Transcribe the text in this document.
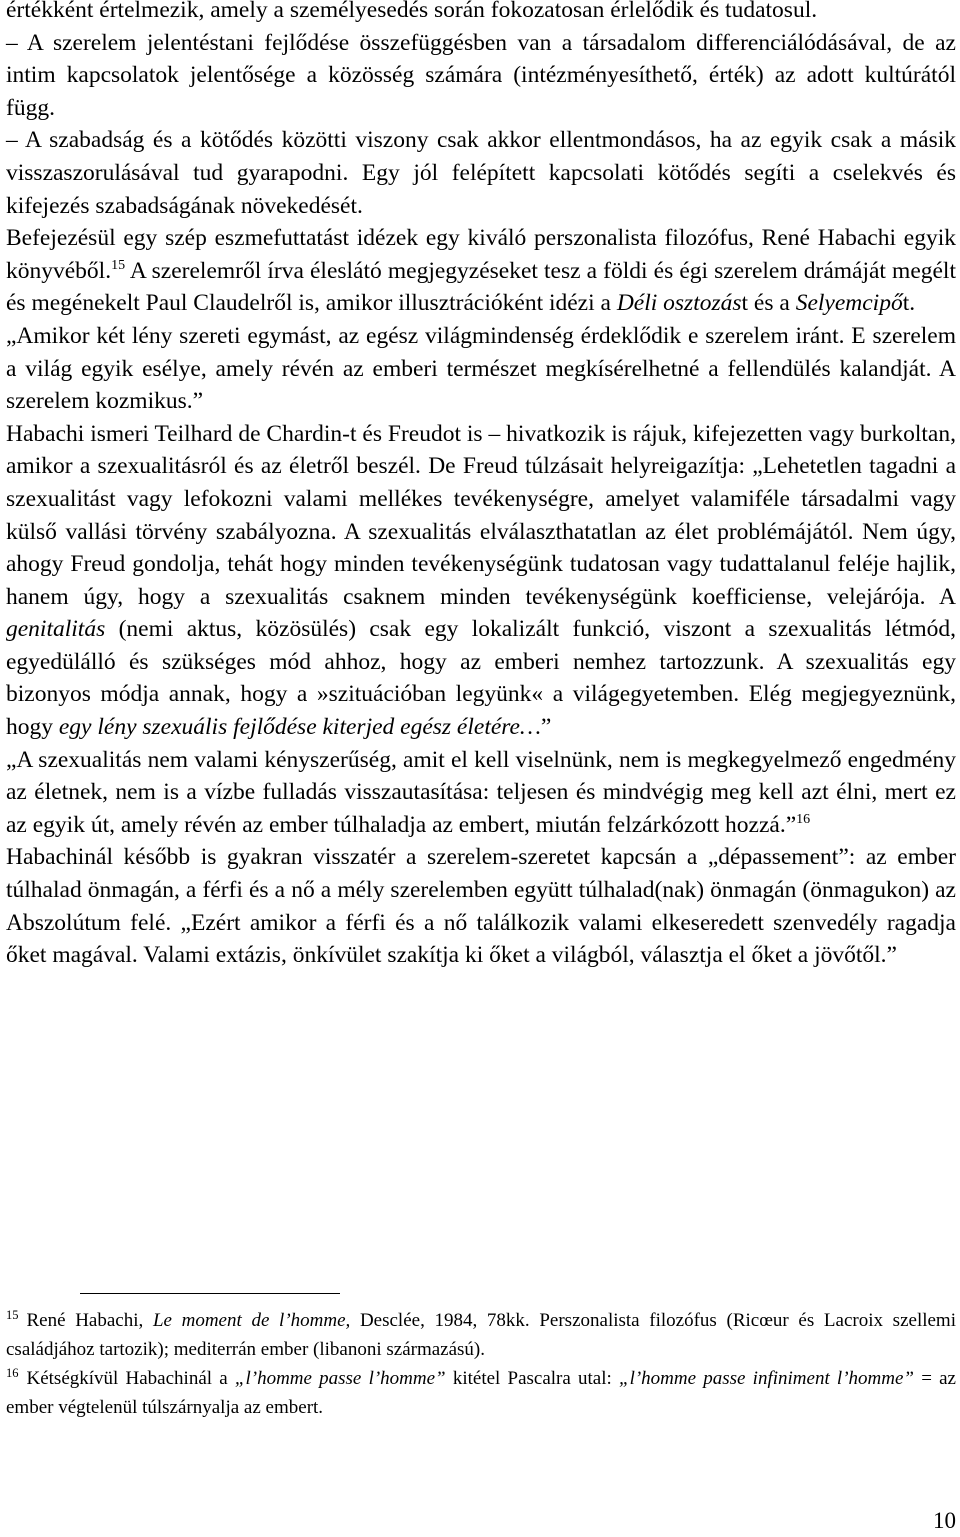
értékként értelmezik, amely a személyesedés során fokozatosan érlelődik és tudatosul.

– A szerelem jelentéstani fejlődése összefüggésben van a társadalom differenciálódásával, de az intim kapcsolatok jelentősége a közösség számára (intézményesíthető, érték) az adott kultúrától függ.

– A szabadság és a kötődés közötti viszony csak akkor ellentmondásos, ha az egyik csak a másik visszaszorulásával tud gyarapodni. Egy jól felépített kapcsolati kötődés segíti a cselekvés és kifejezés szabadságának növekedését.

Befejezésül egy szép eszmefuttatást idézek egy kiváló perszonalista filozófus, René Habachi egyik könyvéből.$^{15}$ A szerelemről írva éleslátó megjegyzéseket tesz a földi és égi szerelem drámáját megélt és megénekelt Paul Claudelről is, amikor illusztrációként idézi a Déli osztozást és a Selyemcipőt.

„Amikor két lény szereti egymást, az egész világmindenség érdeklődik e szerelem iránt. E szerelem a világ egyik esélye, amely révén az emberi természet megkísérelhetné a fellendülés kalandját. A szerelem kozmikus.”

Habachi ismeri Teilhard de Chardin-t és Freudot is – hivatkozik is rájuk, kifejezetten vagy burkoltan, amikor a szexualitásról és az életről beszél. De Freud túlzásait helyreigazítja: „Lehetetlen tagadni a szexualitást vagy lefokozni valami mellékes tevékenységre, amelyet valamiféle társadalmi vagy külső vallási törvény szabályozna. A szexualitás elválaszthatatlan az élet problémájától. Nem úgy, ahogy Freud gondolja, tehát hogy minden tevékenységünk tudatosan vagy tudattalanul feléje hajlik, hanem úgy, hogy a szexualitás csaknem minden tevékenységünk koefficiense, velejárója. A genitalitás (nemi aktus, közösülés) csak egy lokalizált funkció, viszont a szexualitás létmód, egyedülálló és szükséges mód ahhoz, hogy az emberi nemhez tartozzunk. A szexualitás egy bizonyos módja annak, hogy a »szituációban legyünk« a világegyetemben. Elég megjegyeznünk, hogy egy lény szexuális fejlődése kiterjed egész életére…”

„A szexualitás nem valami kényszerűség, amit el kell viselnünk, nem is megkegyelmező engedmény az életnek, nem is a vízbe fulladás visszautasítása: teljesen és mindvégig meg kell azt élni, mert ez az egyik út, amely révén az ember túlhaladja az embert, miután felzárkózott hozzá.”$^{16}$

Habachinál később is gyakran visszatér a szerelem-szeretet kapcsán a „dépassement”: az ember túlhalad önmagán, a férfi és a nő a mély szerelemben együtt túlhalad(nak) önmagán (önmagukon) az Abszolútum felé. „Ezért amikor a férfi és a nő találkozik valami elkeseredett szenvedély ragadja őket magával. Valami extázis, önkívület szakítja ki őket a világból, választja el őket a jövőtől.”

$^{15}$ René Habachi, Le moment de l’homme, Desclée, 1984, 78kk. Perszonalista filozófus (Ricœur és Lacroix szellemi családjához tartozik); mediterrán ember (libanoni származású).

$^{16}$ Kétségkívül Habachinál a „l’homme passe l’homme” kitétel Pascalra utal: „l’homme passe infiniment l’homme” = az ember végtelenül túlszárnyalja az embert.

10
